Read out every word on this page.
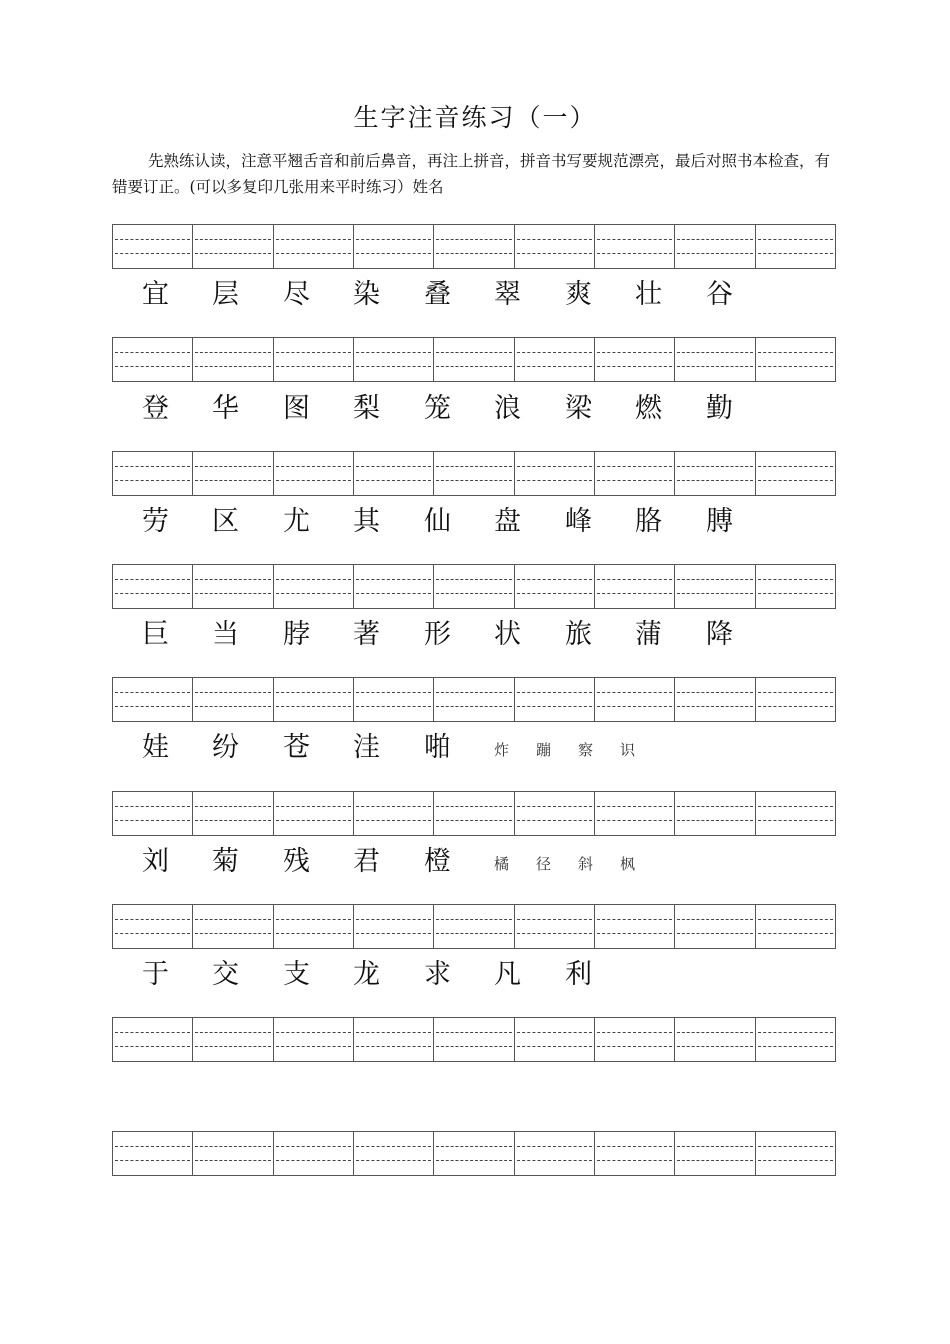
生字注音练习（一）
先熟练认读，注意平翘舌音和前后鼻音，再注上拼音，拼音书写要规范漂亮，最后对照书本检查，有错要订正。(可以多复印几张用来平时练习）姓名
宜 层 尽 染 叠 翠 爽 壮 谷
登 华 图 梨 笼 浪 梁 燃 勤
劳 区 尤 其 仙 盘 峰 胳 膊
巨 当 脖 著 形 状 旅 蒲 降
娃 纷 苍 洼 啪	炸 蹦 察 识
刘 菊 残 君 橙	橘 径 斜 枫
于 交 支 龙 求 凡 利
